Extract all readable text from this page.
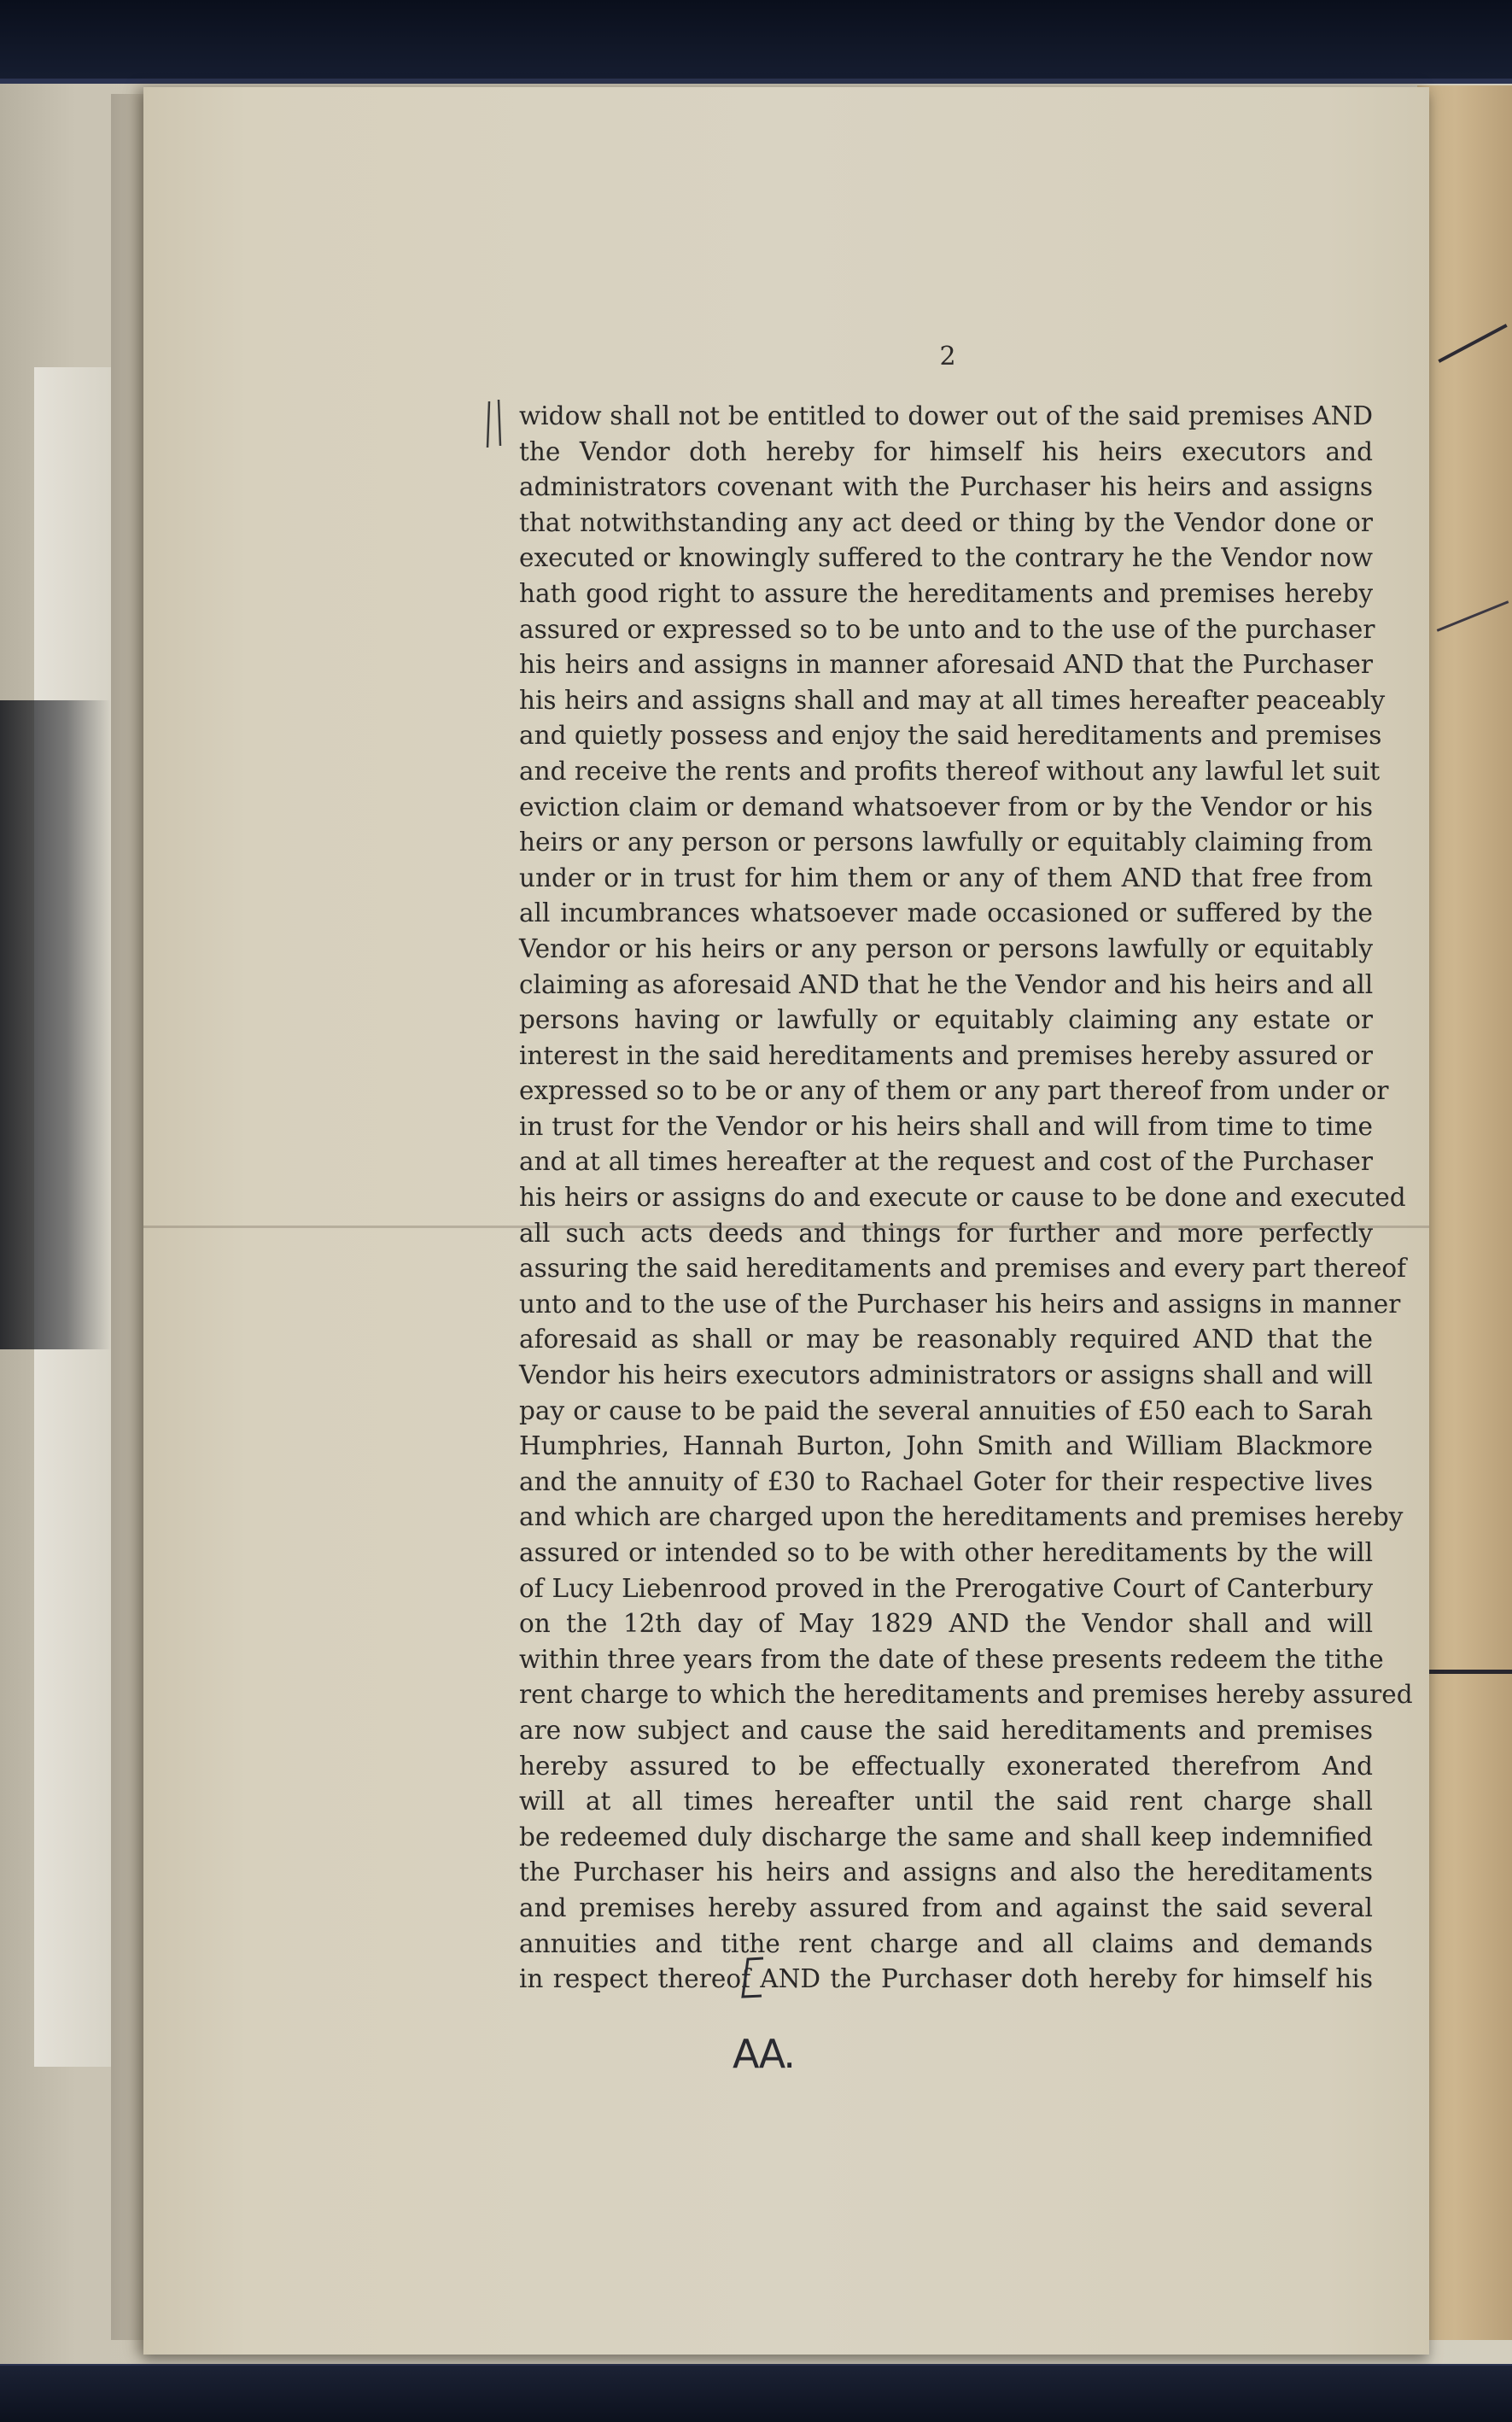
2
widow shall not be entitled to dower out of the said premises AND
the Vendor doth hereby for himself his heirs executors and
administrators covenant with the Purchaser his heirs and assigns
that notwithstanding any act deed or thing by the Vendor done or
executed or knowingly suffered to the contrary he the Vendor now
hath good right to assure the hereditaments and premises hereby
assured or expressed so to be unto and to the use of the purchaser
his heirs and assigns in manner aforesaid AND that the Purchaser
his heirs and assigns shall and may at all times hereafter peaceably
and quietly possess and enjoy the said hereditaments and premises
and receive the rents and profits thereof without any lawful let suit
eviction claim or demand whatsoever from or by the Vendor or his
heirs or any person or persons lawfully or equitably claiming from
under or in trust for him them or any of them AND that free from
all incumbrances whatsoever made occasioned or suffered by the
Vendor or his heirs or any person or persons lawfully or equitably
claiming as aforesaid AND that he the Vendor and his heirs and all
persons having or lawfully or equitably claiming any estate or
interest in the said hereditaments and premises hereby assured or
expressed so to be or any of them or any part thereof from under or
in trust for the Vendor or his heirs shall and will from time to time
and at all times hereafter at the request and cost of the Purchaser
his heirs or assigns do and execute or cause to be done and executed
all such acts deeds and things for further and more perfectly
assuring the said hereditaments and premises and every part thereof
unto and to the use of the Purchaser his heirs and assigns in manner
aforesaid as shall or may be reasonably required AND that the
Vendor his heirs executors administrators or assigns shall and will
pay or cause to be paid the several annuities of £50 each to Sarah
Humphries, Hannah Burton, John Smith and William Blackmore
and the annuity of £30 to Rachael Goter for their respective lives
and which are charged upon the hereditaments and premises hereby
assured or intended so to be with other hereditaments by the will
of Lucy Liebenrood proved in the Prerogative Court of Canterbury
on the 12th day of May 1829 AND the Vendor shall and will
within three years from the date of these presents redeem the tithe
rent charge to which the hereditaments and premises hereby assured
are now subject and cause the said hereditaments and premises
hereby assured to be effectually exonerated therefrom And
will at all times hereafter until the said rent charge shall
be redeemed duly discharge the same and shall keep indemnified
the Purchaser his heirs and assigns and also the hereditaments
and premises hereby assured from and against the said several
annuities and tithe rent charge and all claims and demands
in respect thereof AND the Purchaser doth hereby for himself his
AA.
